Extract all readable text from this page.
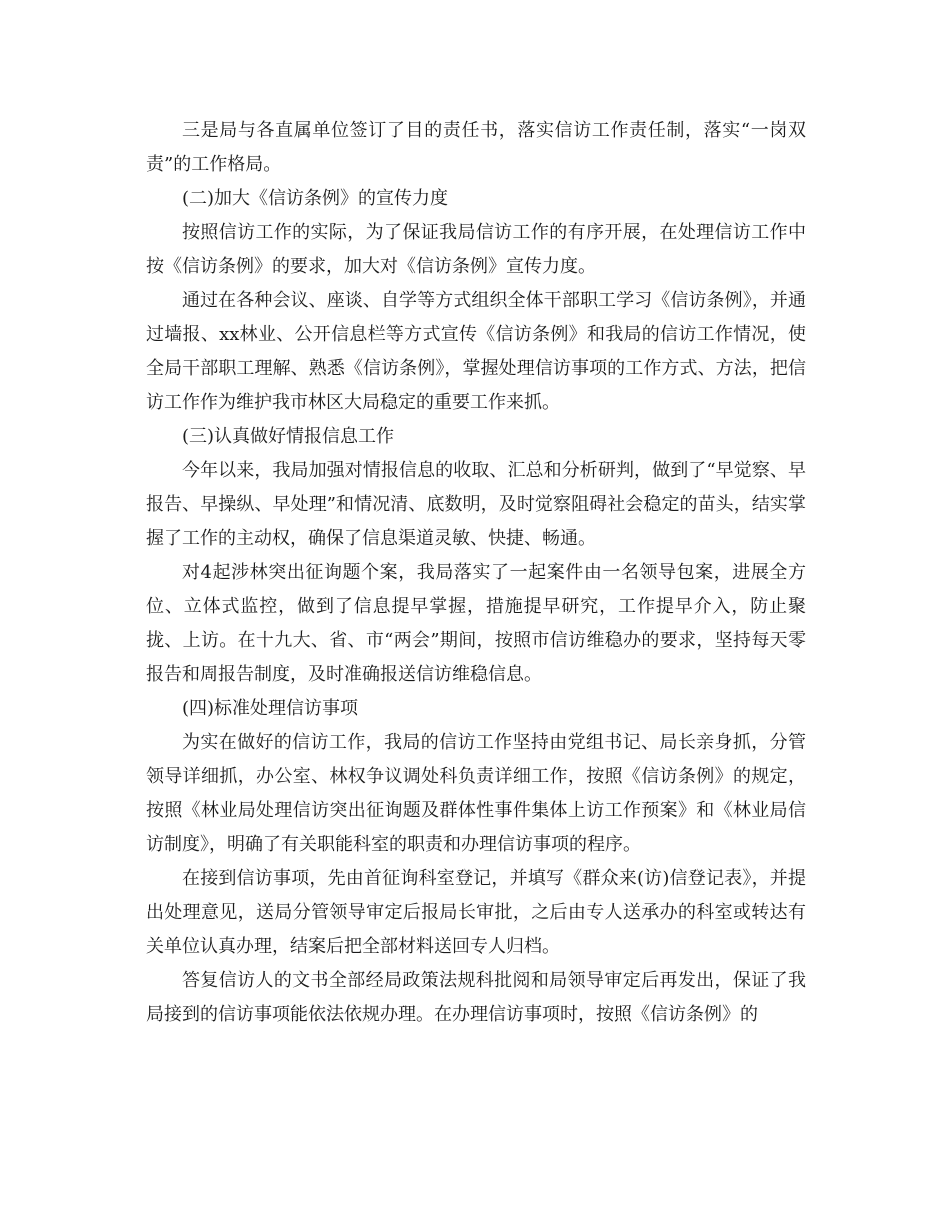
三是局与各直属单位签订了目的责任书，落实信访工作责任制，落实“一岗双责”的工作格局。

(二)加大《信访条例》的宣传力度

按照信访工作的实际，为了保证我局信访工作的有序开展，在处理信访工作中按《信访条例》的要求，加大对《信访条例》宣传力度。

通过在各种会议、座谈、自学等方式组织全体干部职工学习《信访条例》，并通过墙报、xx林业、公开信息栏等方式宣传《信访条例》和我局的信访工作情况，使全局干部职工理解、熟悉《信访条例》，掌握处理信访事项的工作方式、方法，把信访工作作为维护我市林区大局稳定的重要工作来抓。

(三)认真做好情报信息工作

今年以来，我局加强对情报信息的收取、汇总和分析研判，做到了“早觉察、早报告、早操纵、早处理”和情况清、底数明，及时觉察阻碍社会稳定的苗头，结实掌握了工作的主动权，确保了信息渠道灵敏、快捷、畅通。

对4起涉林突出征询题个案，我局落实了一起案件由一名领导包案，进展全方位、立体式监控，做到了信息提早掌握，措施提早研究，工作提早介入，防止聚拢、上访。在十九大、省、市“两会”期间，按照市信访维稳办的要求，坚持每天零报告和周报告制度，及时准确报送信访维稳信息。

(四)标准处理信访事项

为实在做好的信访工作，我局的信访工作坚持由党组书记、局长亲身抓，分管领导详细抓，办公室、林权争议调处科负责详细工作，按照《信访条例》的规定，按照《林业局处理信访突出征询题及群体性事件集体上访工作预案》和《林业局信访制度》，明确了有关职能科室的职责和办理信访事项的程序。

在接到信访事项，先由首征询科室登记，并填写《群众来(访)信登记表》，并提出处理意见，送局分管领导审定后报局长审批，之后由专人送承办的科室或转达有关单位认真办理，结案后把全部材料送回专人归档。

答复信访人的文书全部经局政策法规科批阅和局领导审定后再发出，保证了我局接到的信访事项能依法依规办理。在办理信访事项时，按照《信访条例》的
